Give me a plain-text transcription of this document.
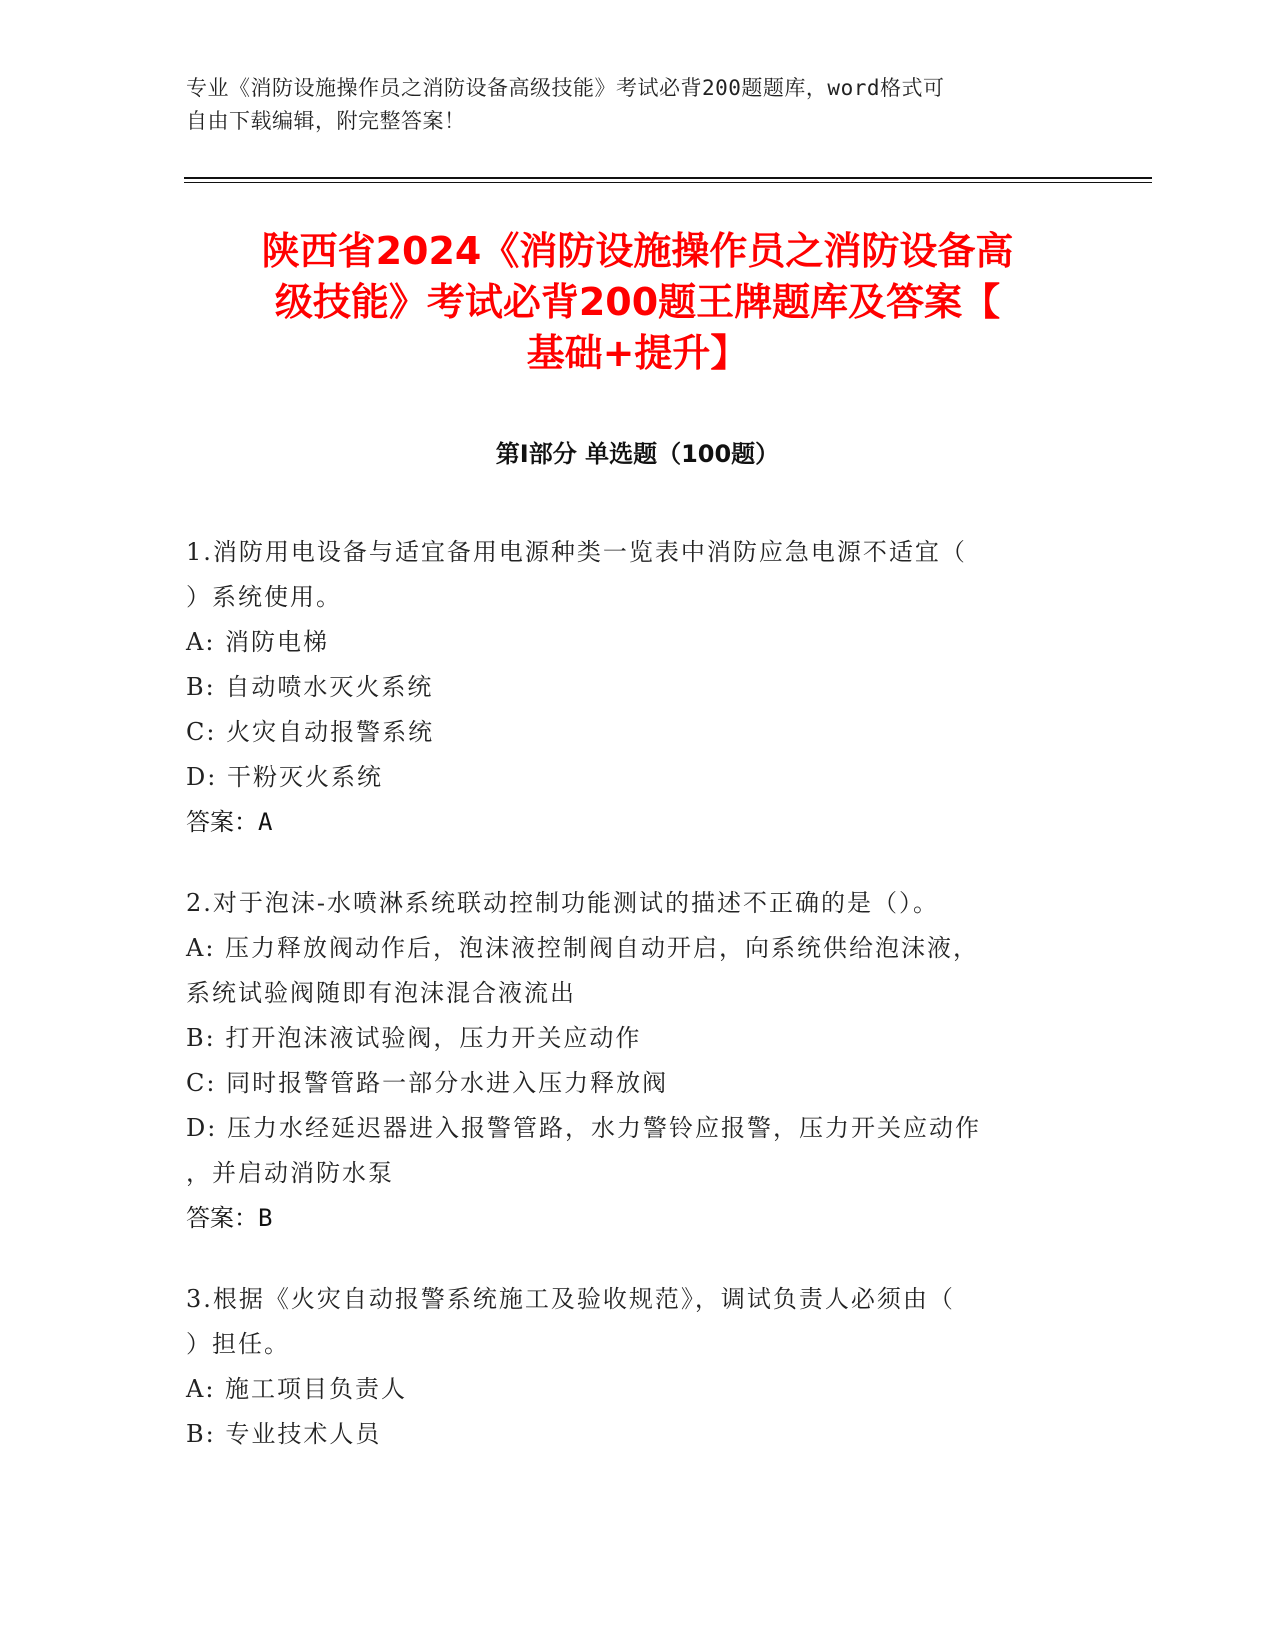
专业《消防设施操作员之消防设备高级技能》考试必背200题题库，word格式可
自由下载编辑，附完整答案！
陕西省2024《消防设施操作员之消防设备高
级技能》考试必背200题王牌题库及答案【
基础+提升】
第Ⅰ部分 单选题（100题）
1.消防用电设备与适宜备用电源种类一览表中消防应急电源不适宜（
）系统使用。
A: 消防电梯
B: 自动喷水灭火系统
C: 火灾自动报警系统
D: 干粉灭火系统
答案：A
2.对于泡沫-水喷淋系统联动控制功能测试的描述不正确的是（）。
A: 压力释放阀动作后，泡沫液控制阀自动开启，向系统供给泡沫液，
系统试验阀随即有泡沫混合液流出
B: 打开泡沫液试验阀，压力开关应动作
C: 同时报警管路一部分水进入压力释放阀
D: 压力水经延迟器进入报警管路，水力警铃应报警，压力开关应动作
，并启动消防水泵
答案：B
3.根据《火灾自动报警系统施工及验收规范》，调试负责人必须由（
）担任。
A: 施工项目负责人
B: 专业技术人员
